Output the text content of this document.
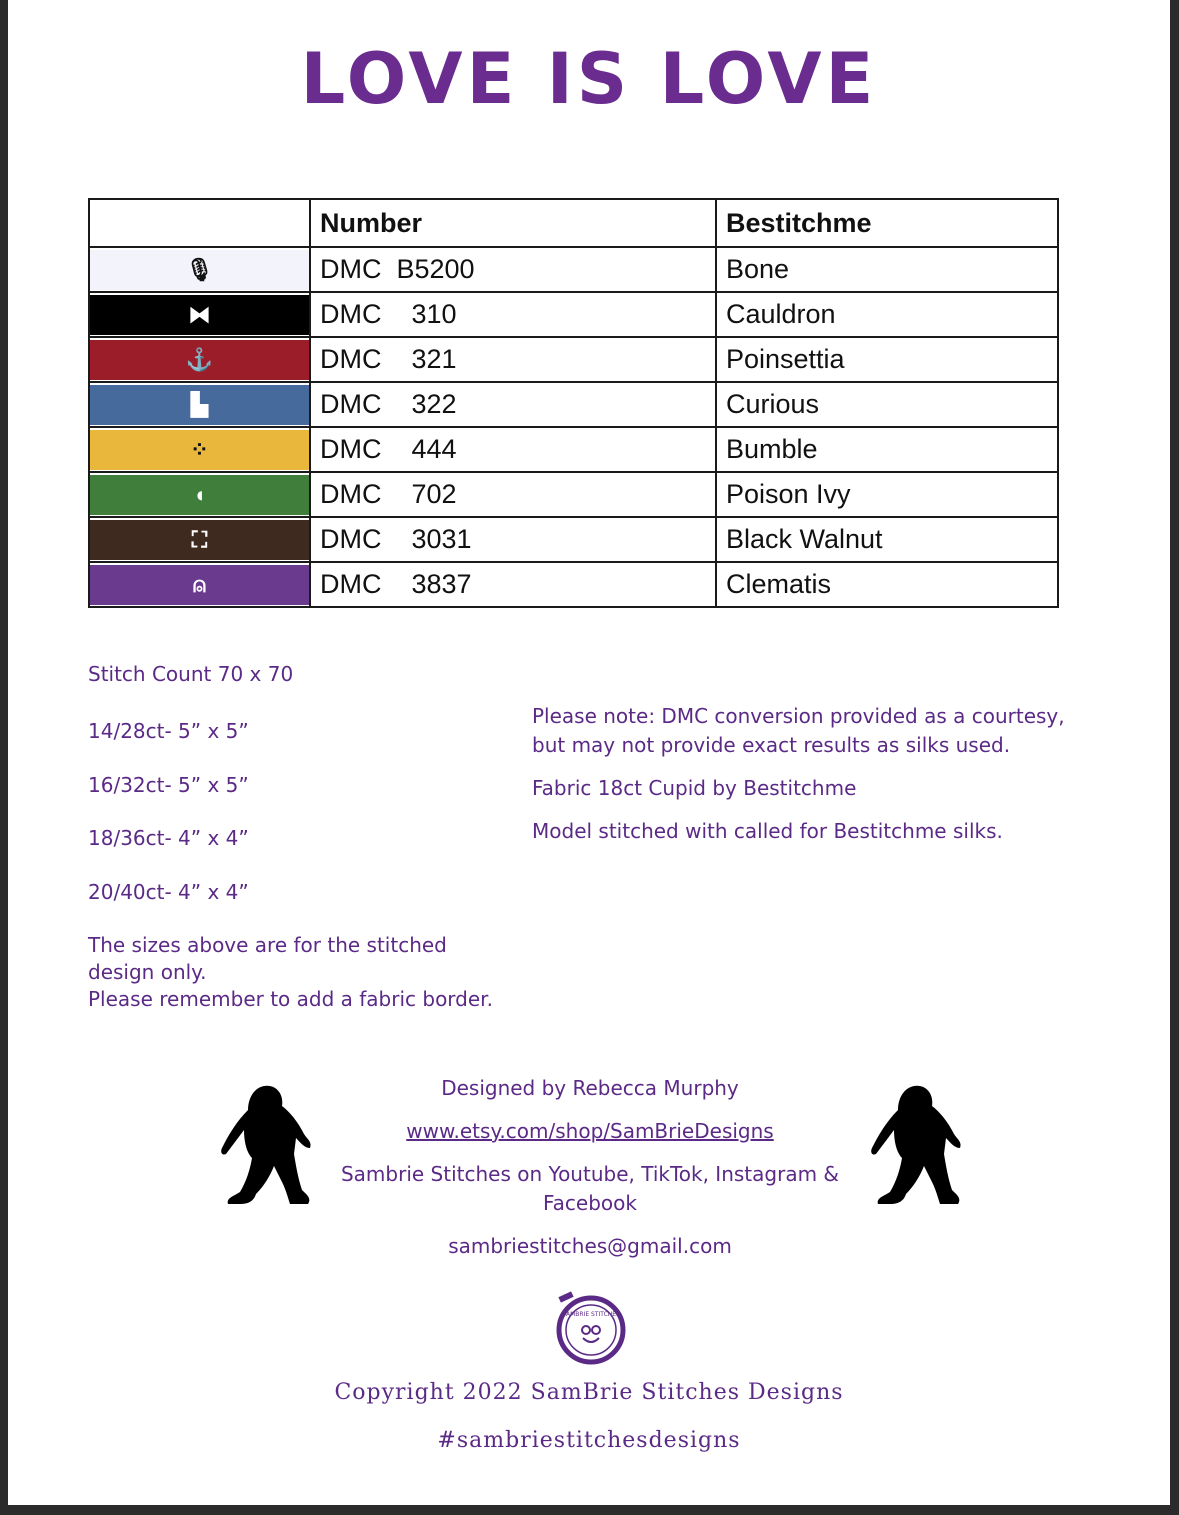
LOVE IS LOVE
	Number	Bestitchme

🎙	DMC  B5200	Bone

⧓	DMC    310	Cauldron

⚓	DMC    321	Poinsettia

▙	DMC    322	Curious

⁘	DMC    444	Bumble

◖	DMC    702	Poison Ivy

⛶	DMC    3031	Black Walnut

⍝	DMC    3837	Clematis
Stitch Count 70 x 70
14/28ct- 5” x 5”
16/32ct- 5” x 5”
18/36ct- 4” x 4”
20/40ct- 4” x 4”
The sizes above are for the stitched
design only.
Please remember to add a fabric border.

Please note: DMC conversion provided as a courtesy, but may not provide exact results as silks used.

Fabric 18ct Cupid by Bestitchme

Model stitched with called for Bestitchme silks.

Designed by Rebecca Murphy

www.etsy.com/shop/SamBrieDesigns

Sambrie Stitches on Youtube, TikTok, Instagram & Facebook

sambriestitches@gmail.com

SAMBRIE STITCHES
Copyright 2022 SamBrie Stitches Designs
#sambriestitchesdesigns
